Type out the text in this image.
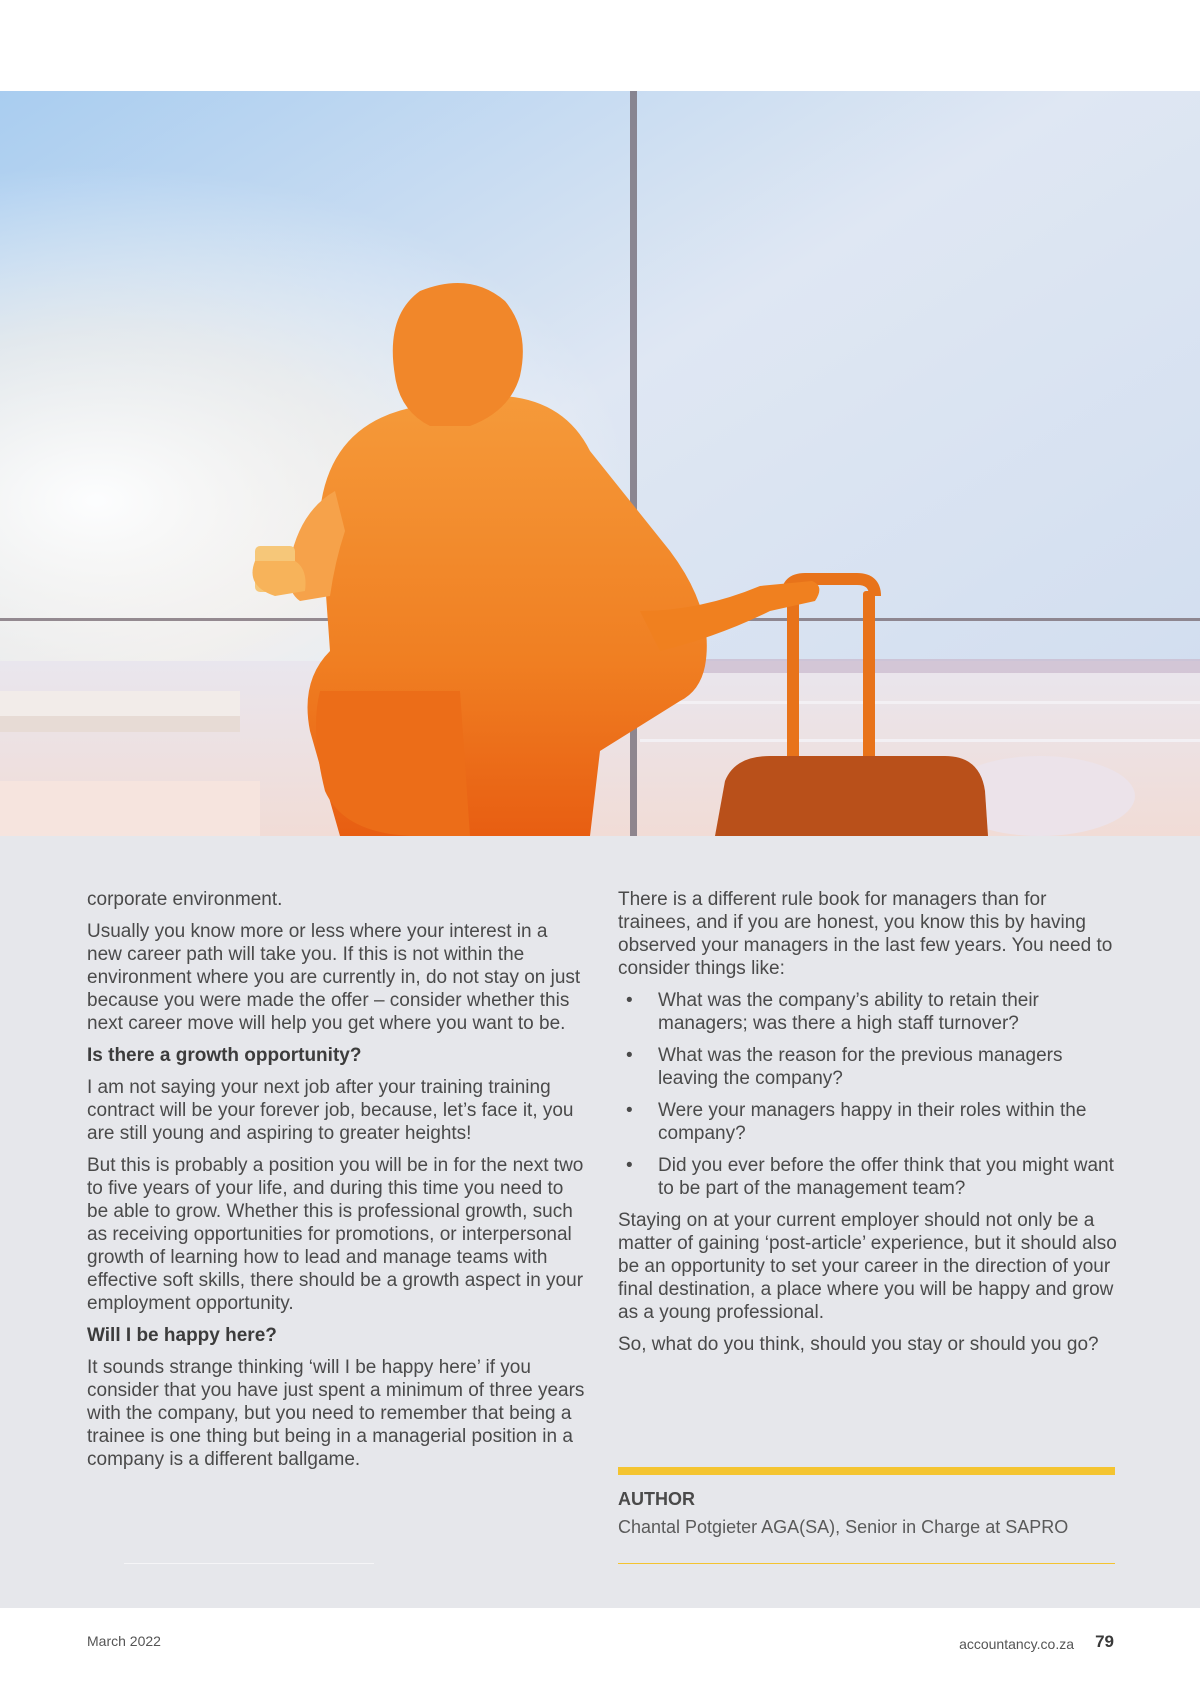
corporate environment.

Usually you know more or less where your interest in a new career path will take you. If this is not within the environment where you are currently in, do not stay on just because you were made the offer – consider whether this next career move will help you get where you want to be.

Is there a growth opportunity?

I am not saying your next job after your training training contract will be your forever job, because, let’s face it, you are still young and aspiring to greater heights!

But this is probably a position you will be in for the next two to five years of your life, and during this time you need to be able to grow. Whether this is professional growth, such as receiving opportunities for promotions, or interpersonal growth of learning how to lead and manage teams with effective soft skills, there should be a growth aspect in your employment opportunity.

Will I be happy here?

It sounds strange thinking ‘will I be happy here’ if you consider that you have just spent a minimum of three years with the company, but you need to remember that being a trainee is one thing but being in a managerial position in a company is a different ballgame.

There is a different rule book for managers than for trainees, and if you are honest, you know this by having observed your managers in the last few years. You need to consider things like:

• What was the company’s ability to retain their managers; was there a high staff turnover?
• What was the reason for the previous managers leaving the company?
• Were your managers happy in their roles within the company?
• Did you ever before the offer think that you might want to be part of the management team?

Staying on at your current employer should not only be a matter of gaining ‘post-article’ experience, but it should also be an opportunity to set your career in the direction of your final destination, a place where you will be happy and grow as a young professional.

So, what do you think, should you stay or should you go?

AUTHOR
Chantal Potgieter AGA(SA), Senior in Charge at SAPRO
March 2022	accountancy.co.za 79
